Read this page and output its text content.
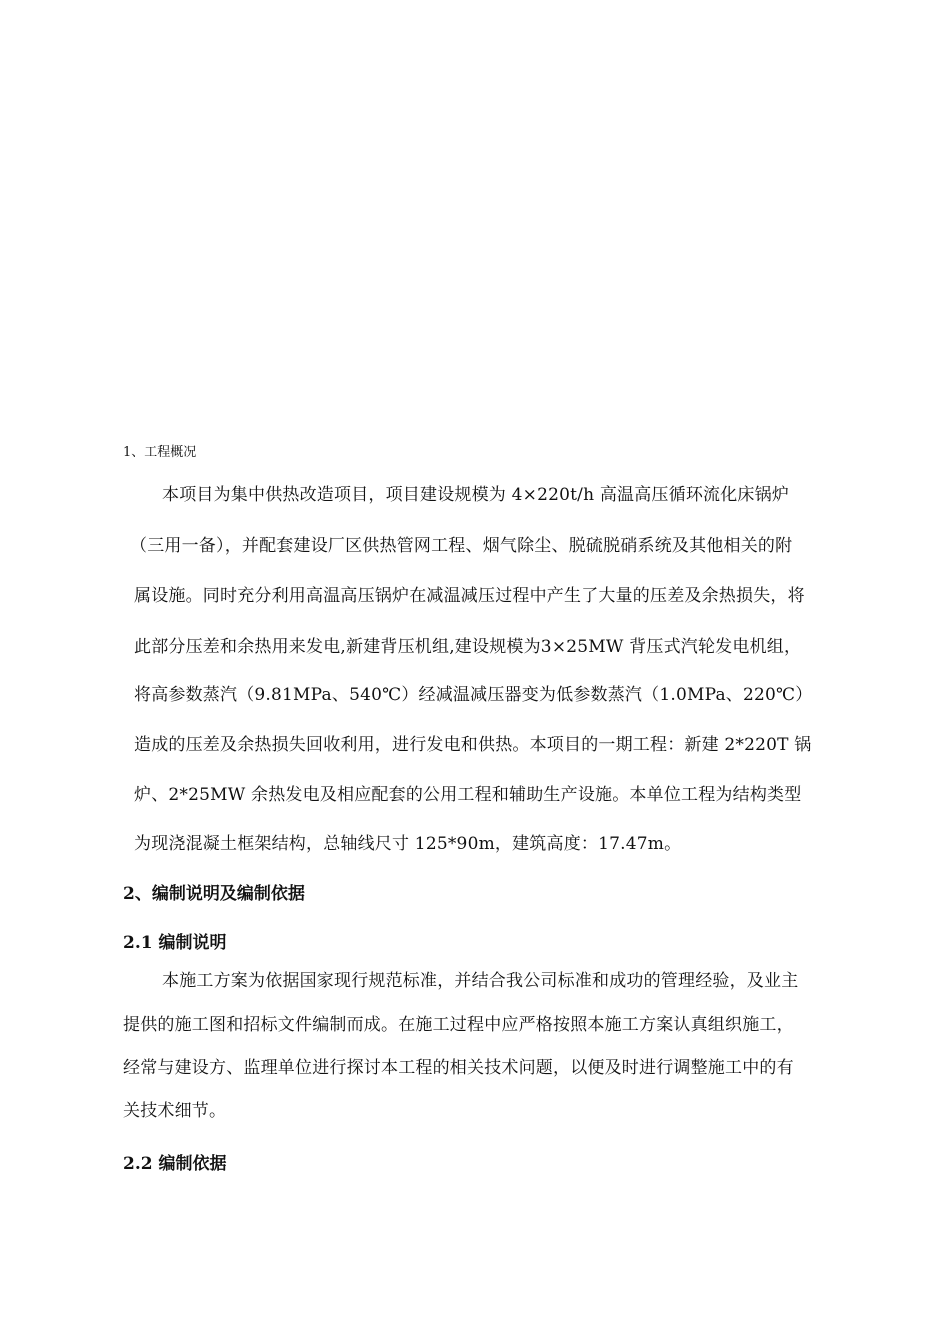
1、工程概况
本项目为集中供热改造项目，项目建设规模为 4×220t/h 高温高压循环流化床锅炉
（三用一备），并配套建设厂区供热管网工程、烟气除尘、脱硫脱硝系统及其他相关的附
属设施。同时充分利用高温高压锅炉在减温减压过程中产生了大量的压差及余热损失，将
此部分压差和余热用来发电,新建背压机组,建设规模为3×25MW 背压式汽轮发电机组，
将高参数蒸汽（9.81MPa、540℃）经减温减压器变为低参数蒸汽（1.0MPa、220℃）
造成的压差及余热损失回收利用，进行发电和供热。本项目的一期工程：新建 2*220T 锅
炉、2*25MW 余热发电及相应配套的公用工程和辅助生产设施。本单位工程为结构类型
为现浇混凝土框架结构，总轴线尺寸 125*90m，建筑高度：17.47m。
2、编制说明及编制依据
2.1 编制说明
本施工方案为依据国家现行规范标准，并结合我公司标准和成功的管理经验，及业主
提供的施工图和招标文件编制而成。在施工过程中应严格按照本施工方案认真组织施工，
经常与建设方、监理单位进行探讨本工程的相关技术问题，以便及时进行调整施工中的有
关技术细节。
2.2 编制依据
